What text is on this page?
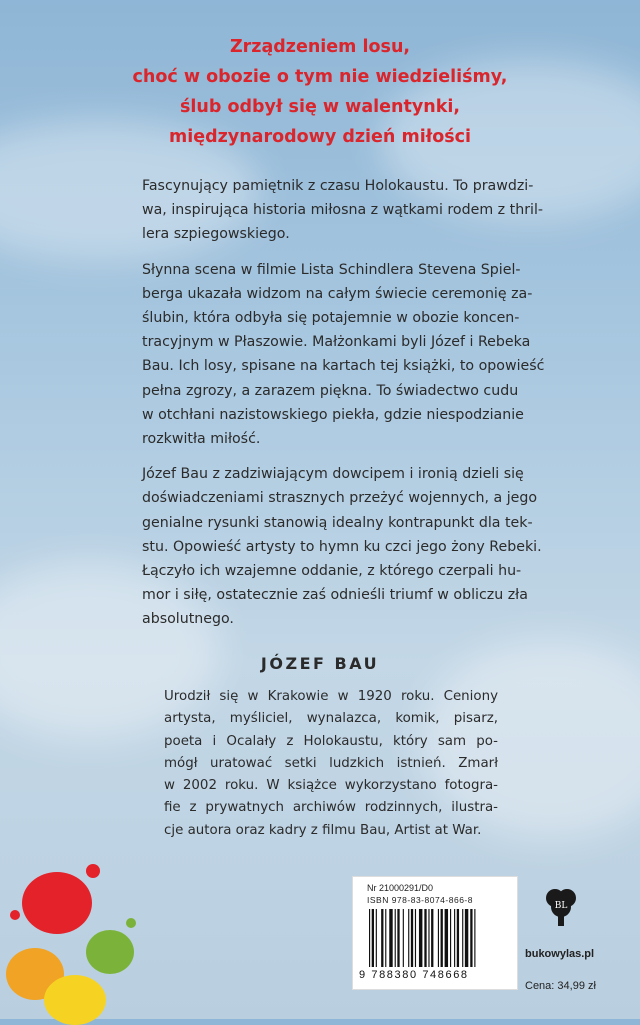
Zrządzeniem losu,
choć w obozie o tym nie wiedzieliśmy,
ślub odbył się w walentynki,
międzynarodowy dzień miłości

Fascynujący pamiętnik z czasu Holokaustu. To prawdzi-
wa, inspirująca historia miłosna z wątkami rodem z thril-
lera szpiegowskiego.

Słynna scena w filmie Lista Schindlera Stevena Spiel-
berga ukazała widzom na całym świecie ceremonię za-
ślubin, która odbyła się potajemnie w obozie koncen-
tracyjnym w Płaszowie. Małżonkami byli Józef i Rebeka
Bau. Ich losy, spisane na kartach tej książki, to opowieść
pełna zgrozy, a zarazem piękna. To świadectwo cudu
w otchłani nazistowskiego piekła, gdzie niespodzianie
rozkwitła miłość.

Józef Bau z zadziwiającym dowcipem i ironią dzieli się
doświadczeniami strasznych przeżyć wojennych, a jego
genialne rysunki stanowią idealny kontrapunkt dla tek-
stu. Opowieść artysty to hymn ku czci jego żony Rebeki.
Łączyło ich wzajemne oddanie, z którego czerpali hu-
mor i siłę, ostatecznie zaś odnieśli triumf w obliczu zła
absolutnego.

JÓZEF BAU
Urodził się w Krakowie w 1920 roku. Ceniony
artysta, myśliciel, wynalazca, komik, pisarz,
poeta i Ocalały z Holokaustu, który sam po-
mógł uratować setki ludzkich istnień. Zmarł
w 2002 roku. W książce wykorzystano fotogra-
fie z prywatnych archiwów rodzinnych, ilustra-
cje autora oraz kadry z filmu Bau, Artist at War.
Nr 21000291/D0
ISBN 978-83-8074-866-8
9 788380 748668
BL
bukowylas.pl
Cena: 34,99 zł
